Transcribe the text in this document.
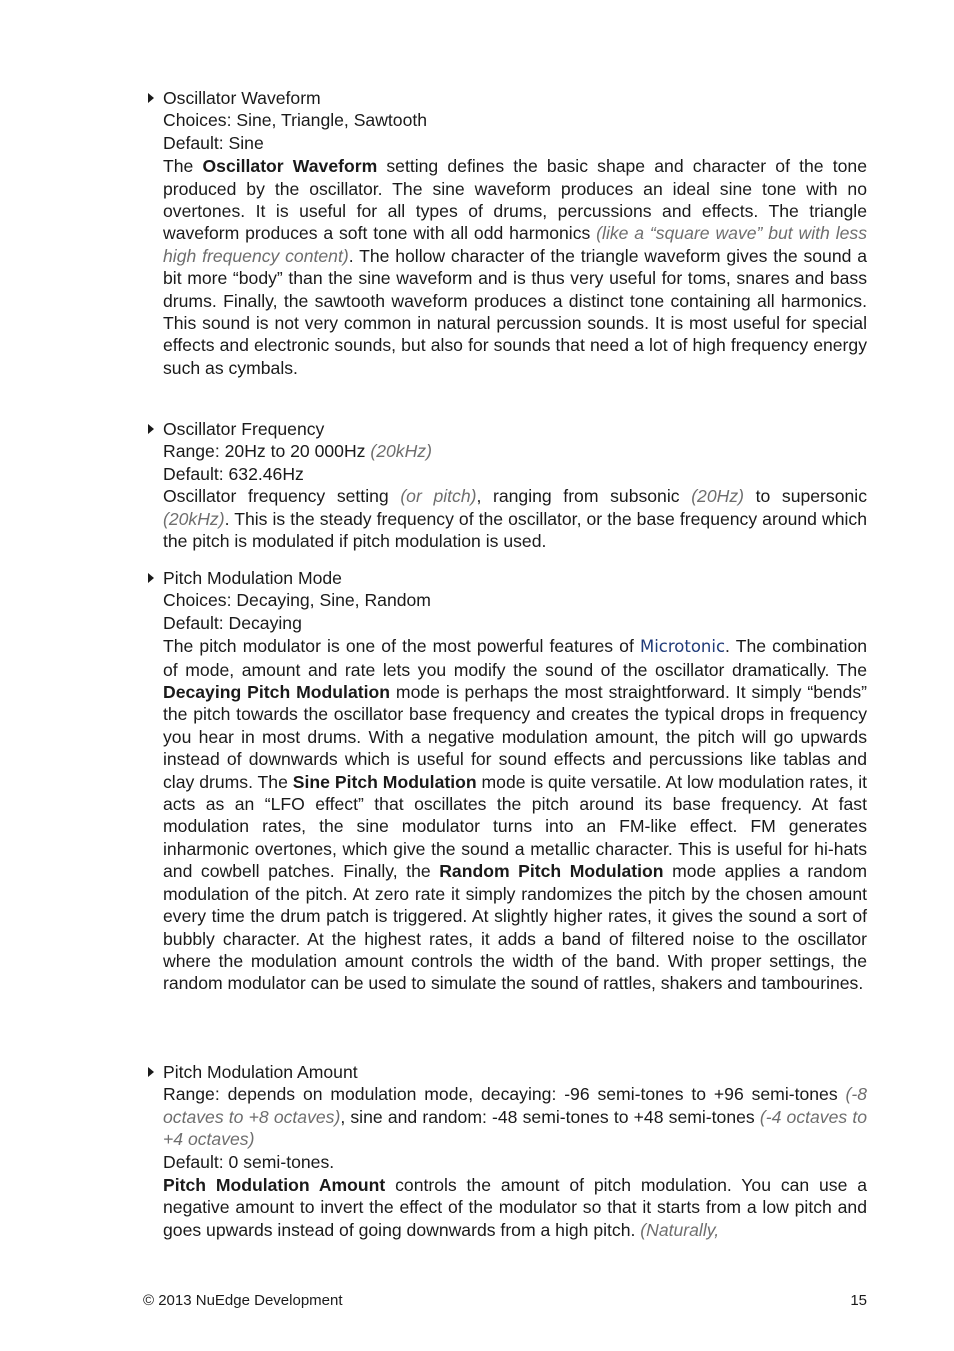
Oscillator Waveform
Choices: Sine, Triangle, Sawtooth
Default: Sine
The Oscillator Waveform setting defines the basic shape and character of the tone produced by the oscillator. The sine waveform produces an ideal sine tone with no overtones. It is useful for all types of drums, percussions and effects. The triangle waveform produces a soft tone with all odd harmonics (like a “square wave” but with less high frequency content). The hollow character of the triangle waveform gives the sound a bit more “body” than the sine waveform and is thus very useful for toms, snares and bass drums. Finally, the sawtooth waveform produces a distinct tone containing all harmonics. This sound is not very common in natural percussion sounds. It is most useful for special effects and electronic sounds, but also for sounds that need a lot of high frequency energy such as cymbals.
Oscillator Frequency
Range: 20Hz to 20 000Hz (20kHz)
Default: 632.46Hz
Oscillator frequency setting (or pitch), ranging from subsonic (20Hz) to supersonic (20kHz). This is the steady frequency of the oscillator, or the base frequency around which the pitch is modulated if pitch modulation is used.
Pitch Modulation Mode
Choices: Decaying, Sine, Random
Default: Decaying
The pitch modulator is one of the most powerful features of Microtonic. The combination of mode, amount and rate lets you modify the sound of the oscillator dramatically. The Decaying Pitch Modulation mode is perhaps the most straightforward. It simply “bends” the pitch towards the oscillator base frequency and creates the typical drops in frequency you hear in most drums. With a negative modulation amount, the pitch will go upwards instead of downwards which is useful for sound effects and percussions like tablas and clay drums. The Sine Pitch Modulation mode is quite versatile. At low modulation rates, it acts as an “LFO effect” that oscillates the pitch around its base frequency. At fast modulation rates, the sine modulator turns into an FM-like effect. FM generates inharmonic overtones, which give the sound a metallic character. This is useful for hi-hats and cowbell patches. Finally, the Random Pitch Modulation mode applies a random modulation of the pitch. At zero rate it simply randomizes the pitch by the chosen amount every time the drum patch is triggered. At slightly higher rates, it gives the sound a sort of bubbly character. At the highest rates, it adds a band of filtered noise to the oscillator where the modulation amount controls the width of the band. With proper settings, the random modulator can be used to simulate the sound of rattles, shakers and tambourines.
Pitch Modulation Amount
Range: depends on modulation mode, decaying: -96 semi-tones to +96 semi-tones (-8 octaves to +8 octaves), sine and random: -48 semi-tones to +48 semi-tones (-4 octaves to +4 octaves)
Default: 0 semi-tones.
Pitch Modulation Amount controls the amount of pitch modulation. You can use a negative amount to invert the effect of the modulator so that it starts from a low pitch and goes upwards instead of going downwards from a high pitch. (Naturally,
© 2013 NuEdge Development	15
